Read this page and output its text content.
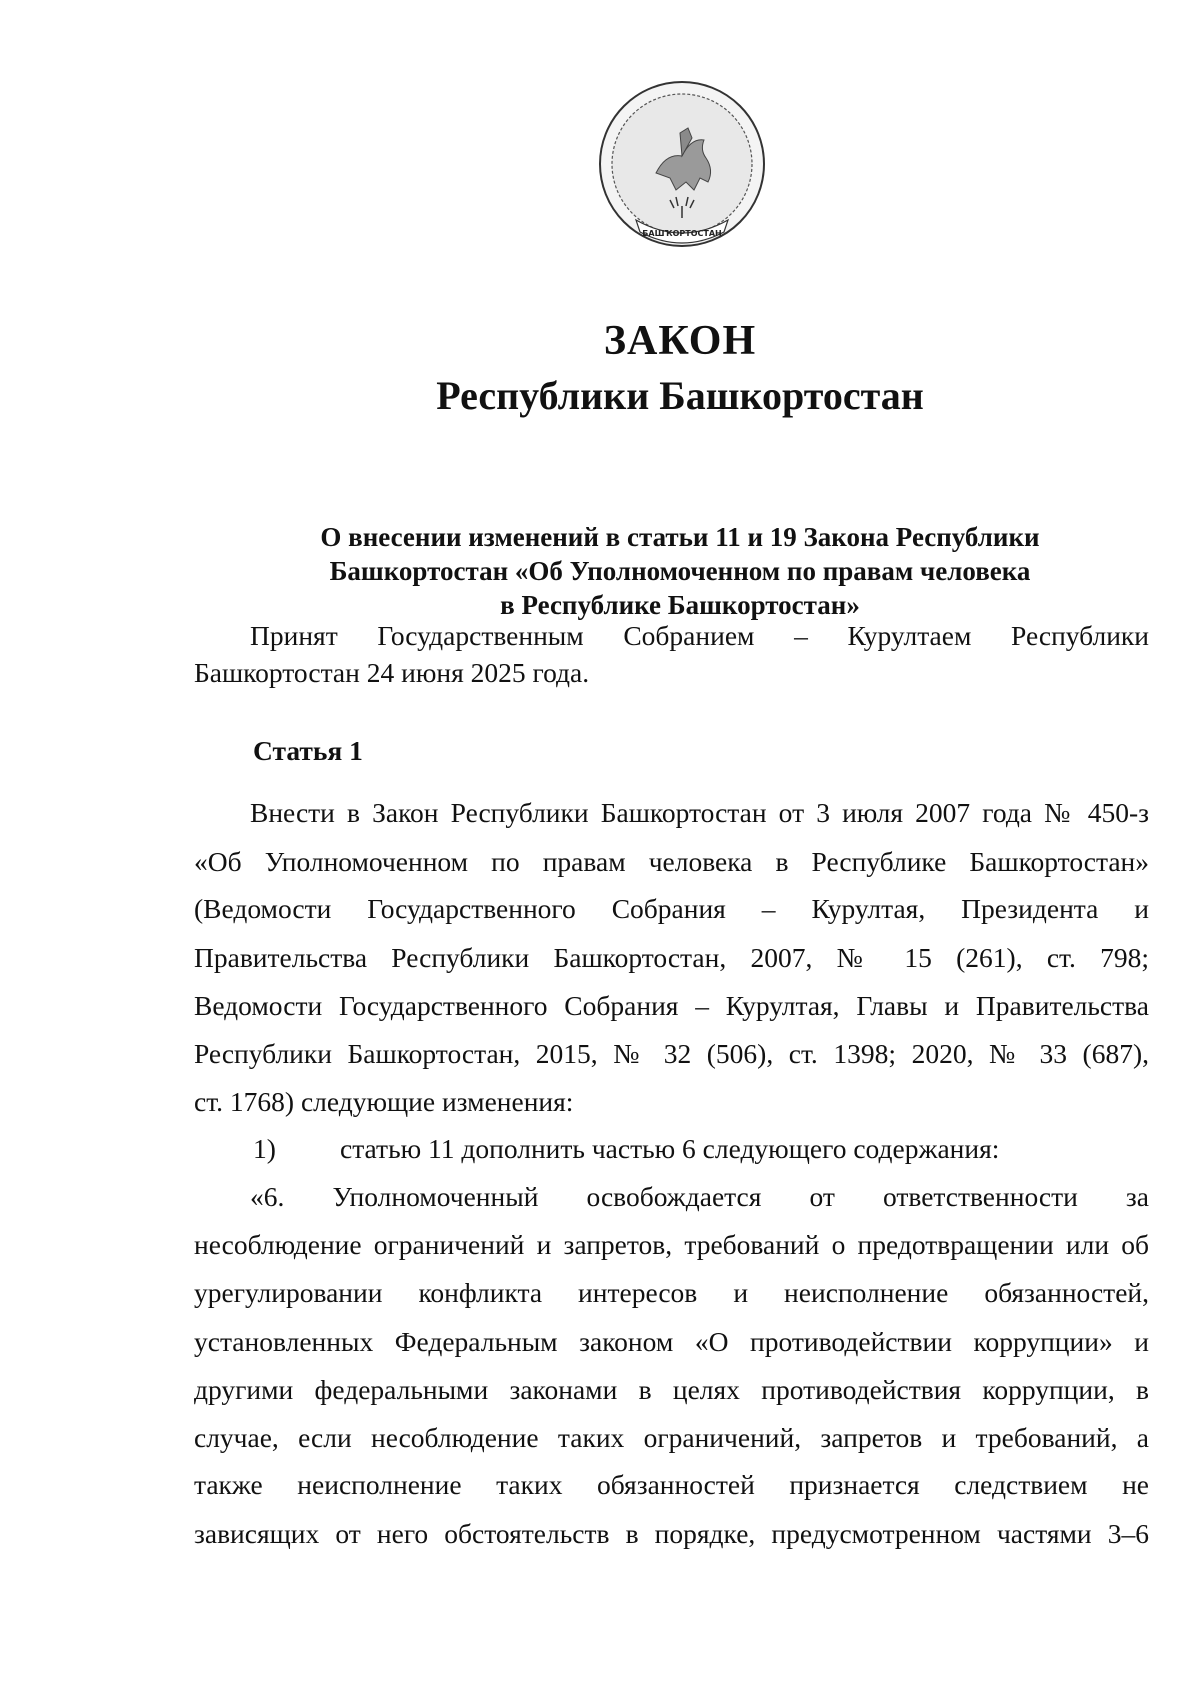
БАШҠОРТОСТАН
ЗАКОН
Республики Башкортостан
О внесении изменений в статьи 11 и 19 Закона Республики
Башкортостан «Об Уполномоченном по правам человека
в Республике Башкортостан»
Принят Государственным Собранием – Курултаем Республики
Башкортостан 24 июня 2025 года.
Статья 1
Внести в Закон Республики Башкортостан от 3 июля 2007 года № 450-з
«Об Уполномоченном по правам человека в Республике Башкортостан»
(Ведомости Государственного Собрания – Курултая, Президента и
Правительства Республики Башкортостан, 2007, № 15 (261), ст. 798;
Ведомости Государственного Собрания – Курултая, Главы и Правительства
Республики Башкортостан, 2015, № 32 (506), ст. 1398; 2020, № 33 (687),
ст. 1768) следующие изменения:
1) статью 11 дополнить частью 6 следующего содержания:
«6. Уполномоченный освобождается от ответственности за
несоблюдение ограничений и запретов, требований о предотвращении или об
урегулировании конфликта интересов и неисполнение обязанностей,
установленных Федеральным законом «О противодействии коррупции» и
другими федеральными законами в целях противодействия коррупции, в
случае, если несоблюдение таких ограничений, запретов и требований, а
также неисполнение таких обязанностей признается следствием не
зависящих от него обстоятельств в порядке, предусмотренном частями 3–6
